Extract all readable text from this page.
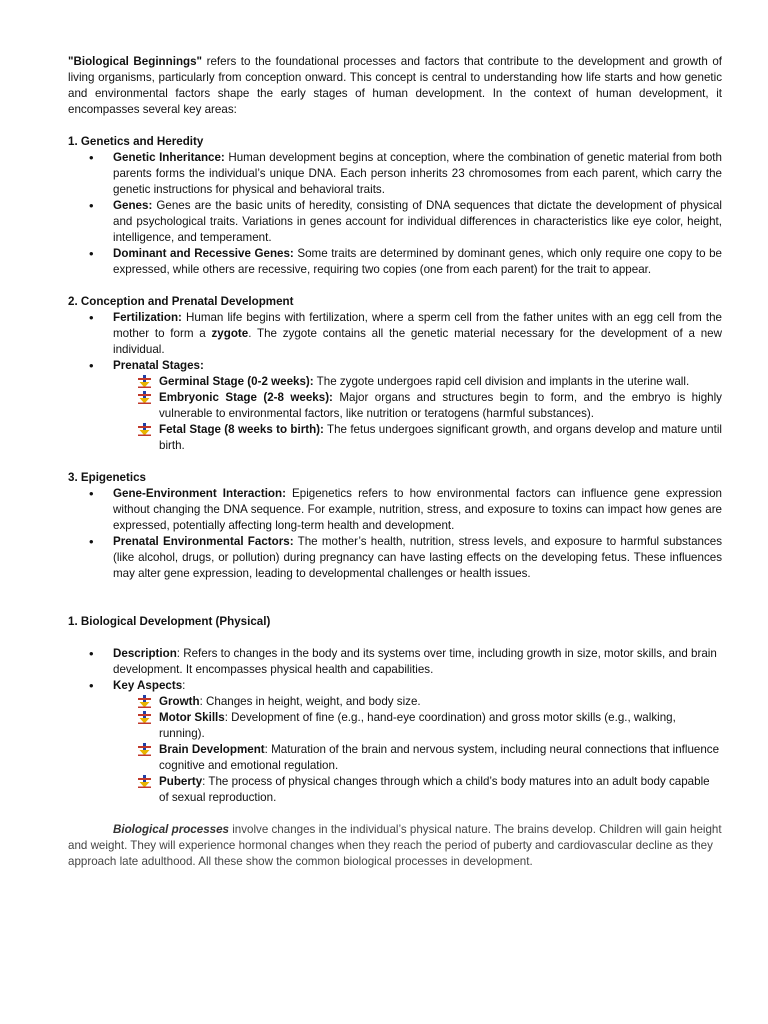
"Biological Beginnings" refers to the foundational processes and factors that contribute to the development and growth of living organisms, particularly from conception onward. This concept is central to understanding how life starts and how genetic and environmental factors shape the early stages of human development. In the context of human development, it encompasses several key areas:

1. Genetics and Heredity

• Genetic Inheritance: Human development begins at conception, where the combination of genetic material from both parents forms the individual’s unique DNA. Each person inherits 23 chromosomes from each parent, which carry the genetic instructions for physical and behavioral traits.
• Genes: Genes are the basic units of heredity, consisting of DNA sequences that dictate the development of physical and psychological traits. Variations in genes account for individual differences in characteristics like eye color, height, intelligence, and temperament.
• Dominant and Recessive Genes: Some traits are determined by dominant genes, which only require one copy to be expressed, while others are recessive, requiring two copies (one from each parent) for the trait to appear.

2. Conception and Prenatal Development

• Fertilization: Human life begins with fertilization, where a sperm cell from the father unites with an egg cell from the mother to form a zygote. The zygote contains all the genetic material necessary for the development of a new individual.
• Prenatal Stages:
Germinal Stage (0-2 weeks): The zygote undergoes rapid cell division and implants in the uterine wall.
Embryonic Stage (2-8 weeks): Major organs and structures begin to form, and the embryo is highly vulnerable to environmental factors, like nutrition or teratogens (harmful substances).
Fetal Stage (8 weeks to birth): The fetus undergoes significant growth, and organs develop and mature until birth.

3. Epigenetics

• Gene-Environment Interaction: Epigenetics refers to how environmental factors can influence gene expression without changing the DNA sequence. For example, nutrition, stress, and exposure to toxins can impact how genes are expressed, potentially affecting long-term health and development.
• Prenatal Environmental Factors: The mother’s health, nutrition, stress levels, and exposure to harmful substances (like alcohol, drugs, or pollution) during pregnancy can have lasting effects on the developing fetus. These influences may alter gene expression, leading to developmental challenges or health issues.

1. Biological Development (Physical)

• Description: Refers to changes in the body and its systems over time, including growth in size, motor skills, and brain development. It encompasses physical health and capabilities.
• Key Aspects:
Growth: Changes in height, weight, and body size.
Motor Skills: Development of fine (e.g., hand-eye coordination) and gross motor skills (e.g., walking, running).
Brain Development: Maturation of the brain and nervous system, including neural connections that influence cognitive and emotional regulation.
Puberty: The process of physical changes through which a child’s body matures into an adult body capable of sexual reproduction.

Biological processes involve changes in the individual’s physical nature. The brains develop. Children will gain height and weight. They will experience hormonal changes when they reach the period of puberty and cardiovascular decline as they approach late adulthood. All these show the common biological processes in development.
